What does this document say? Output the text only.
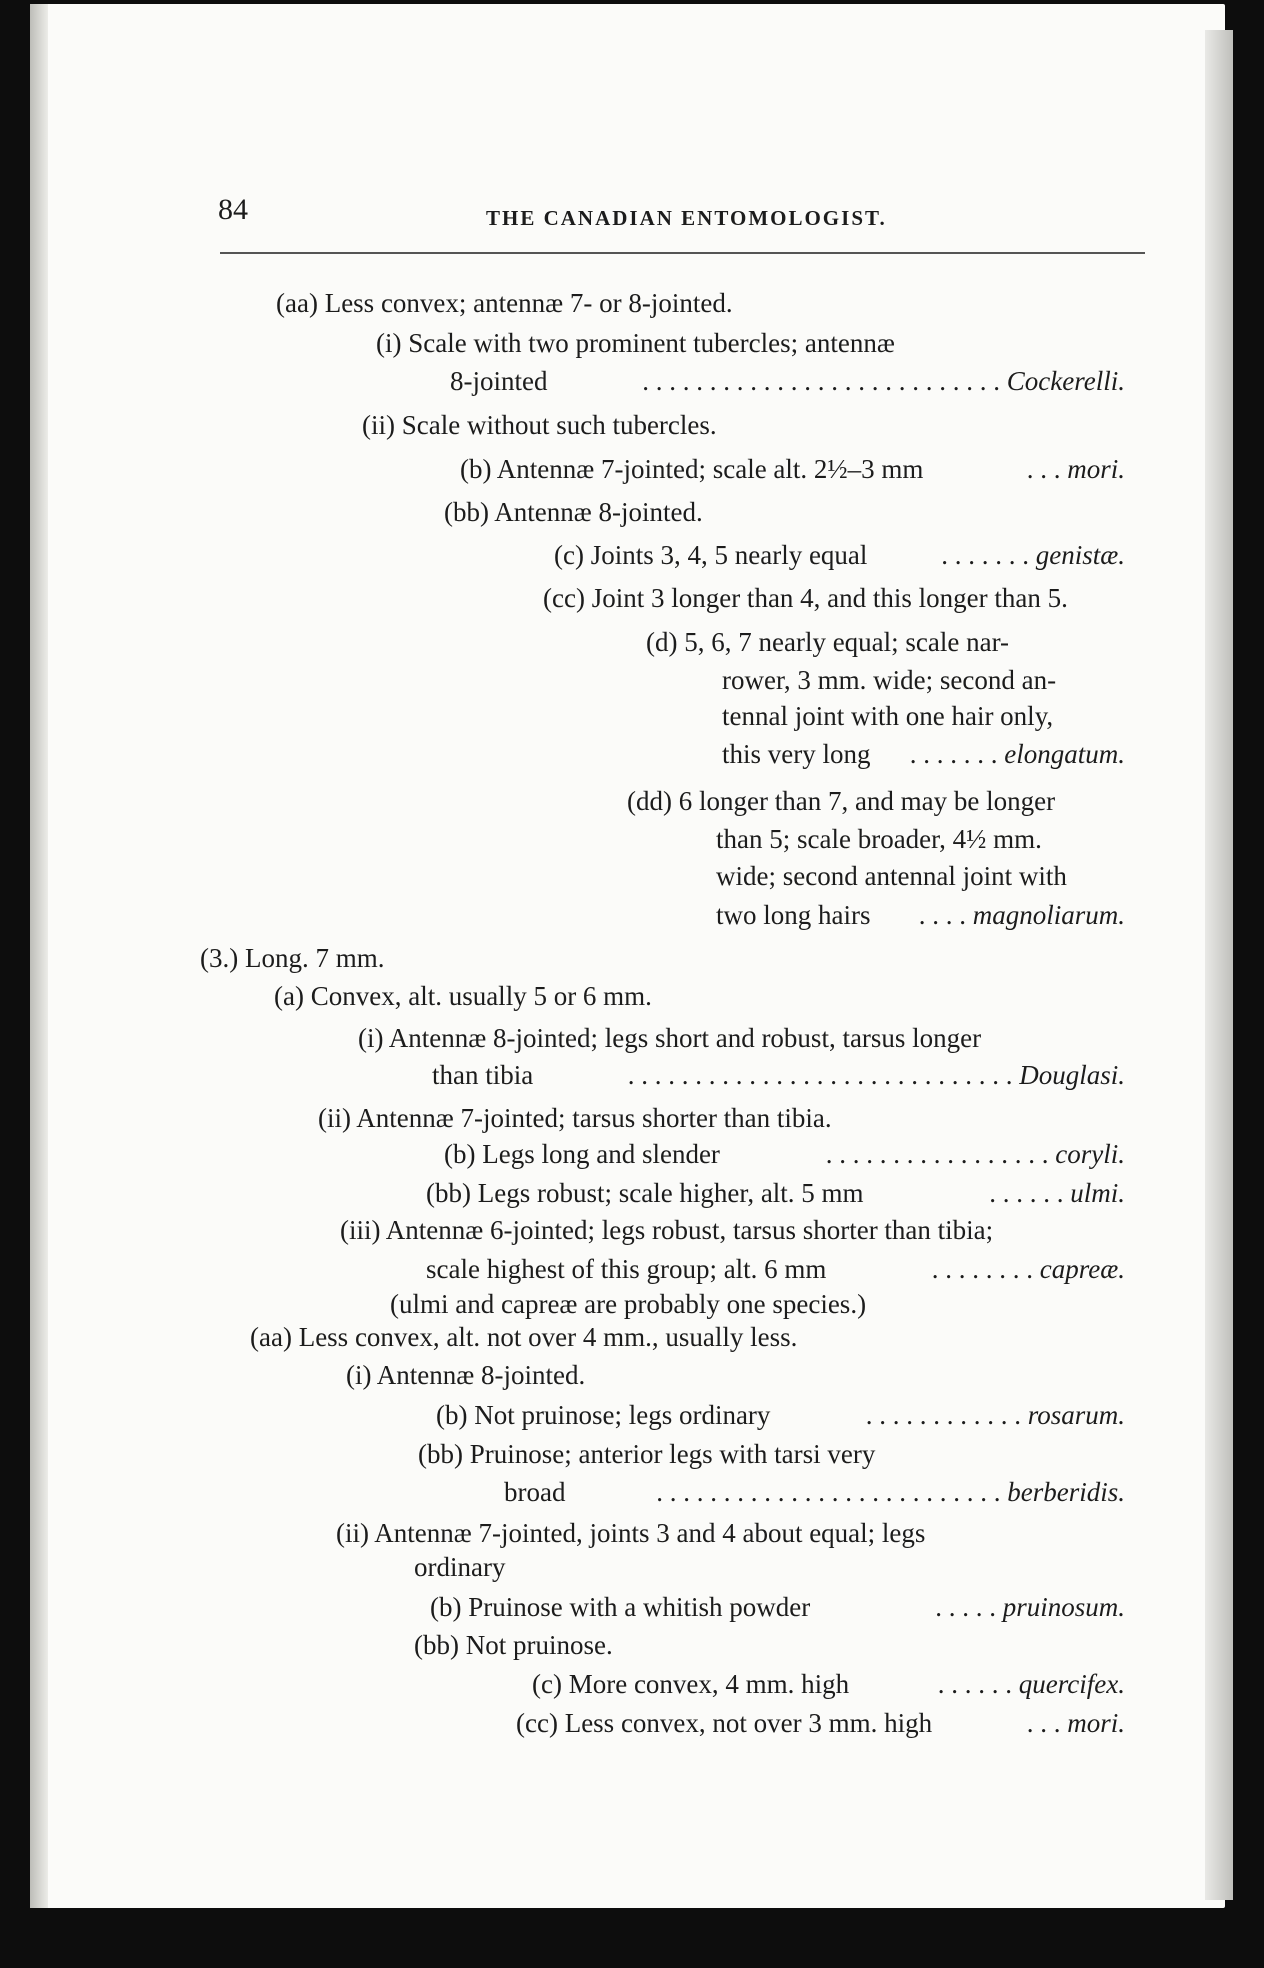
84	THE CANADIAN ENTOMOLOGIST.
(aa) Less convex; antennæ 7- or 8-jointed.
(i) Scale with two prominent tubercles; antennæ
8-jointed	. . . . . . . . . . . . . . . . . . . . . . . . . . . Cockerelli.
(ii) Scale without such tubercles.
(b) Antennæ 7-jointed; scale alt. 2½–3 mm	. . . mori.
(bb) Antennæ 8-jointed.
(c) Joints 3, 4, 5 nearly equal	. . . . . . . genistæ.
(cc) Joint 3 longer than 4, and this longer than 5.
(d) 5, 6, 7 nearly equal; scale nar-
rower, 3 mm. wide; second an-
tennal joint with one hair only,
this very long . . . . . . . elongatum.
(dd) 6 longer than 7, and may be longer
than 5; scale broader, 4½ mm.
wide; second antennal joint with
two long hairs . . . . magnoliarum.
(3.) Long. 7 mm.
(a) Convex, alt. usually 5 or 6 mm.
(i) Antennæ 8-jointed; legs short and robust, tarsus longer
than tibia	. . . . . . . . . . . . . . . . . . . . . . . . . . . . . Douglasi.
(ii) Antennæ 7-jointed; tarsus shorter than tibia.
(b) Legs long and slender	. . . . . . . . . . . . . . . . . coryli.
(bb) Legs robust; scale higher, alt. 5 mm	. . . . . . ulmi.
(iii) Antennæ 6-jointed; legs robust, tarsus shorter than tibia;
scale highest of this group; alt. 6 mm	. . . . . . . . capreæ.
(ulmi and capreæ are probably one species.)
(aa) Less convex, alt. not over 4 mm., usually less.
(i) Antennæ 8-jointed.
(b) Not pruinose; legs ordinary	. . . . . . . . . . . . rosarum.
(bb) Pruinose; anterior legs with tarsi very
broad	. . . . . . . . . . . . . . . . . . . . . . . . . . berberidis.
(ii) Antennæ 7-jointed, joints 3 and 4 about equal; legs
ordinary
(b) Pruinose with a whitish powder	. . . . . pruinosum.
(bb) Not pruinose.
(c) More convex, 4 mm. high	. . . . . . quercifex.
(cc) Less convex, not over 3 mm. high	. . . mori.
